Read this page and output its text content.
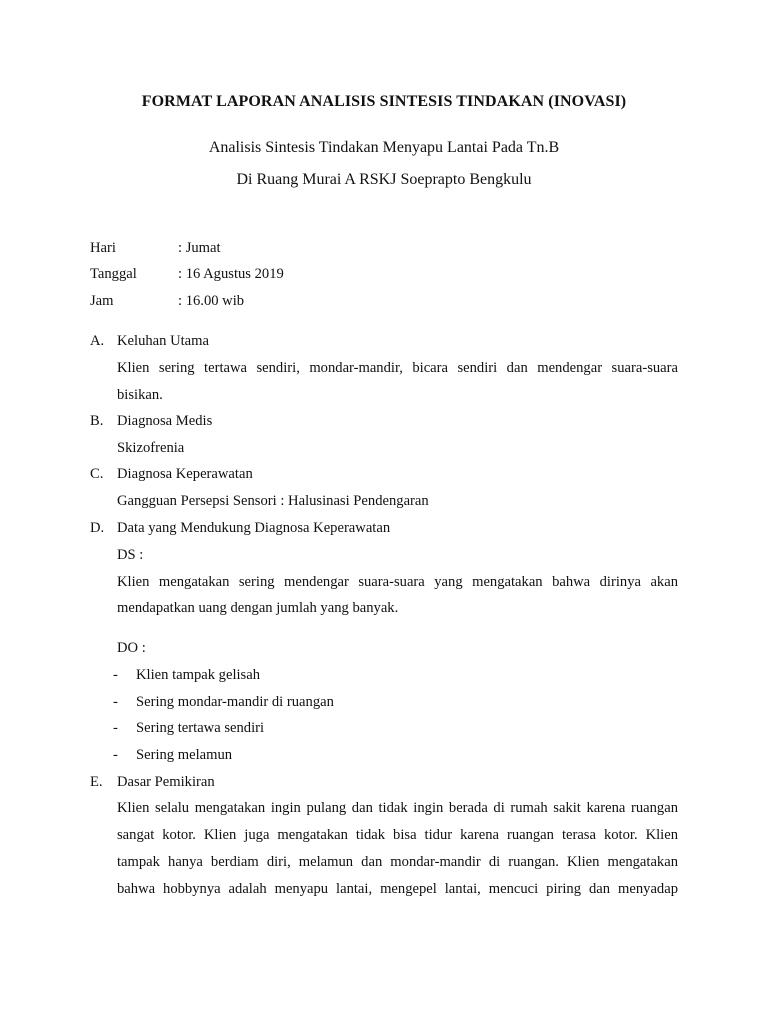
FORMAT LAPORAN ANALISIS SINTESIS TINDAKAN (INOVASI)
Analisis Sintesis Tindakan Menyapu Lantai Pada Tn.B
Di Ruang Murai A RSKJ Soeprapto Bengkulu
Hari	: Jumat
Tanggal	: 16 Agustus 2019
Jam	: 16.00 wib
A. Keluhan Utama
Klien sering tertawa sendiri, mondar-mandir, bicara sendiri dan mendengar suara-suara
bisikan.
B. Diagnosa Medis
Skizofrenia
C. Diagnosa Keperawatan
Gangguan Persepsi Sensori : Halusinasi Pendengaran
D. Data yang Mendukung Diagnosa Keperawatan
DS :
Klien mengatakan sering mendengar suara-suara yang mengatakan bahwa dirinya akan
mendapatkan uang dengan jumlah yang banyak.
DO :
- Klien tampak gelisah
- Sering mondar-mandir di ruangan
- Sering tertawa sendiri
- Sering melamun
E. Dasar Pemikiran
Klien selalu mengatakan ingin pulang dan tidak ingin berada di rumah sakit karena ruangan
sangat kotor. Klien juga mengatakan tidak bisa tidur karena ruangan terasa kotor. Klien
tampak hanya berdiam diri, melamun dan mondar-mandir di ruangan. Klien mengatakan
bahwa hobbynya adalah menyapu lantai, mengepel lantai, mencuci piring dan menyadap
